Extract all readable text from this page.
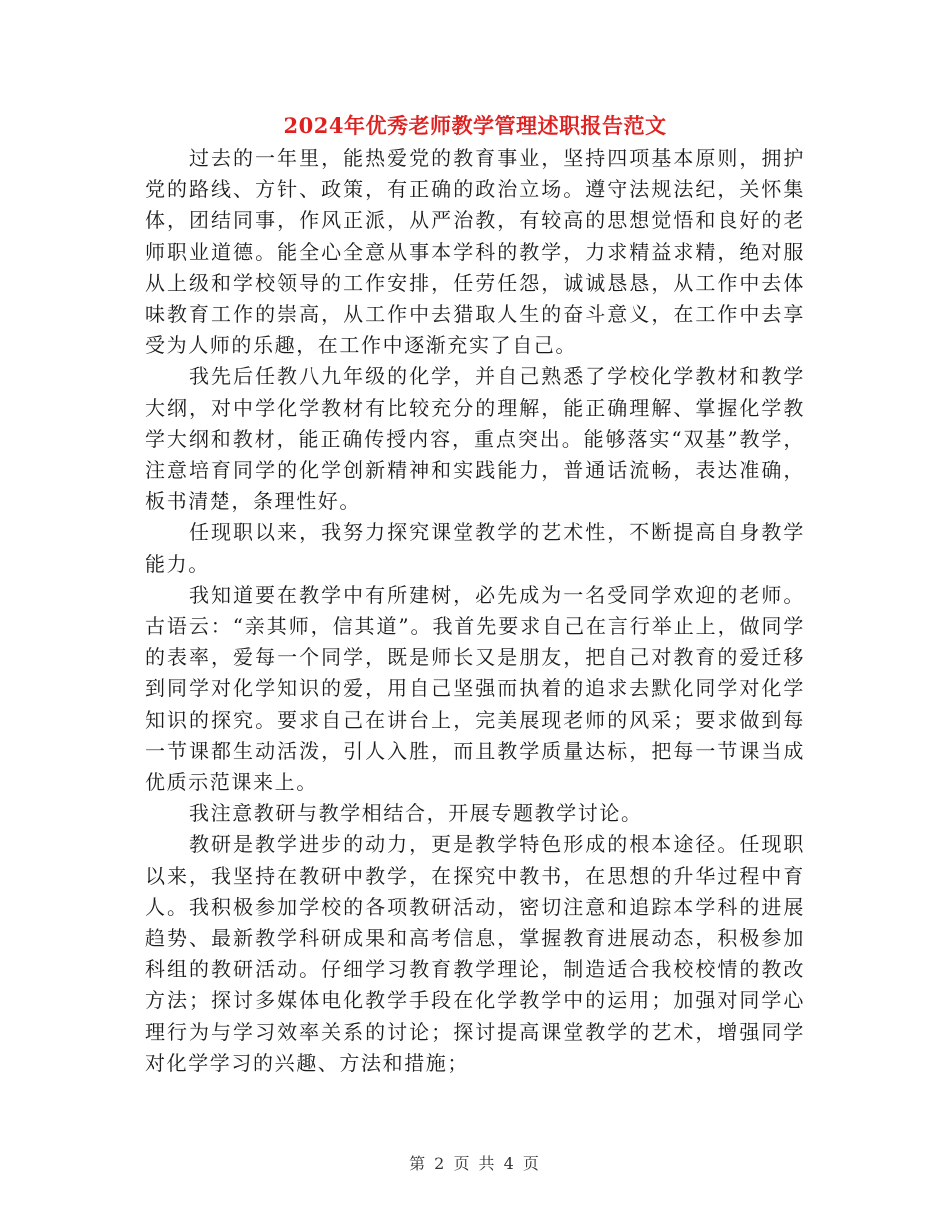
2024年优秀老师教学管理述职报告范文

过去的一年里，能热爱党的教育事业，坚持四项基本原则，拥护党的路线、方针、政策，有正确的政治立场。遵守法规法纪，关怀集体，团结同事，作风正派，从严治教，有较高的思想觉悟和良好的老师职业道德。能全心全意从事本学科的教学，力求精益求精，绝对服从上级和学校领导的工作安排，任劳任怨，诚诚恳恳，从工作中去体味教育工作的崇高，从工作中去猎取人生的奋斗意义，在工作中去享受为人师的乐趣，在工作中逐渐充实了自己。

我先后任教八九年级的化学，并自己熟悉了学校化学教材和教学大纲，对中学化学教材有比较充分的理解，能正确理解、掌握化学教学大纲和教材，能正确传授内容，重点突出。能够落实“双基”教学，注意培育同学的化学创新精神和实践能力，普通话流畅，表达准确，板书清楚，条理性好。

任现职以来，我努力探究课堂教学的艺术性，不断提高自身教学能力。

我知道要在教学中有所建树，必先成为一名受同学欢迎的老师。古语云：“亲其师，信其道”。我首先要求自己在言行举止上，做同学的表率，爱每一个同学，既是师长又是朋友，把自己对教育的爱迁移到同学对化学知识的爱，用自己坚强而执着的追求去默化同学对化学知识的探究。要求自己在讲台上，完美展现老师的风采；要求做到每一节课都生动活泼，引人入胜，而且教学质量达标，把每一节课当成优质示范课来上。

我注意教研与教学相结合，开展专题教学讨论。

教研是教学进步的动力，更是教学特色形成的根本途径。任现职以来，我坚持在教研中教学，在探究中教书，在思想的升华过程中育人。我积极参加学校的各项教研活动，密切注意和追踪本学科的进展趋势、最新教学科研成果和高考信息，掌握教育进展动态，积极参加科组的教研活动。仔细学习教育教学理论，制造适合我校校情的教改方法；探讨多媒体电化教学手段在化学教学中的运用；加强对同学心理行为与学习效率关系的讨论；探讨提高课堂教学的艺术，增强同学对化学学习的兴趣、方法和措施；

第 2 页 共 4 页
